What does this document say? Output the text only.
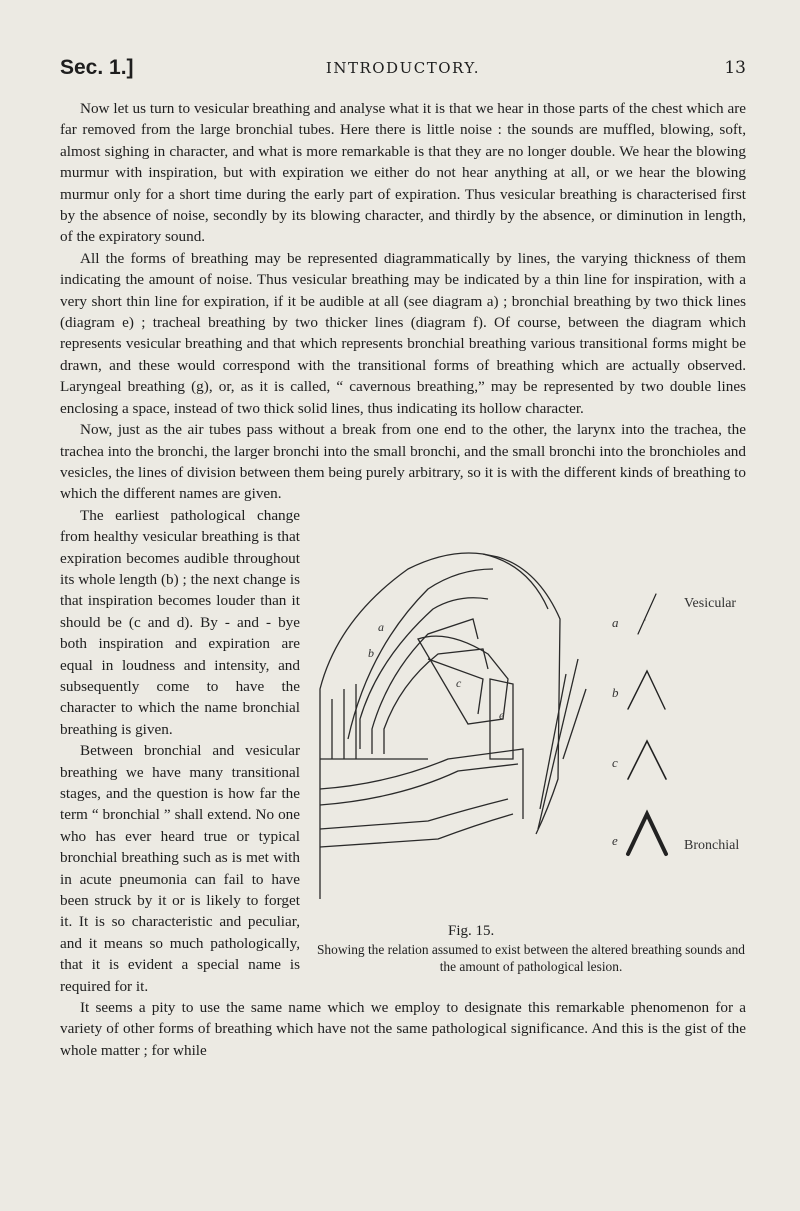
Sec. 1.]	INTRODUCTORY.	13

Now let us turn to vesicular breathing and analyse what it is that we hear in those parts of the chest which are far removed from the large bronchial tubes. Here there is little noise : the sounds are muffled, blowing, soft, almost sighing in character, and what is more remarkable is that they are no longer double. We hear the blowing murmur with inspiration, but with expiration we either do not hear anything at all, or we hear the blowing murmur only for a short time during the early part of expiration. Thus vesicular breathing is characterised first by the absence of noise, secondly by its blowing character, and thirdly by the absence, or diminution in length, of the expiratory sound.

All the forms of breathing may be represented diagrammatically by lines, the varying thickness of them indicating the amount of noise. Thus vesicular breathing may be indicated by a thin line for inspiration, with a very short thin line for expiration, if it be audible at all (see diagram a) ; bronchial breathing by two thick lines (diagram e) ; tracheal breathing by two thicker lines (diagram f). Of course, between the diagram which represents vesicular breathing and that which represents bronchial breathing various transitional forms might be drawn, and these would correspond with the transitional forms of breathing which are actually observed. Laryngeal breathing (g), or, as it is called, “ cavernous breathing,” may be represented by two double lines enclosing a space, instead of two thick solid lines, thus indicating its hollow character.

Now, just as the air tubes pass without a break from one end to the other, the larynx into the trachea, the trachea into the bronchi, the larger bronchi into the small bronchi, and the small bronchi into the bronchioles and vesicles, the lines of division between them being purely arbitrary, so it is with the different kinds of breathing to which the different names are given.

a
b
c
e
a
b
c
e
Vesicular
Bronchial
Fig. 15.
Showing the relation assumed to exist between the altered breathing sounds and the amount of pathological lesion.

The earliest pathological change from healthy vesicular breathing is that expiration becomes audible throughout its whole length (b) ; the next change is that inspiration becomes louder than it should be (c and d). By - and - bye both inspiration and expiration are equal in loudness and intensity, and subsequently come to have the character to which the name bronchial breathing is given.

Between bronchial and vesicular breathing we have many transitional stages, and the question is how far the term “ bronchial ” shall extend. No one who has ever heard true or typical bronchial breathing such as is met with in acute pneumonia can fail to have been struck by it or is likely to forget it. It is so characteristic and peculiar, and it means so much pathologically, that it is evident a special name is required for it.

It seems a pity to use the same name which we employ to designate this remarkable phenomenon for a variety of other forms of breathing which have not the same pathological significance. And this is the gist of the whole matter ; for while
